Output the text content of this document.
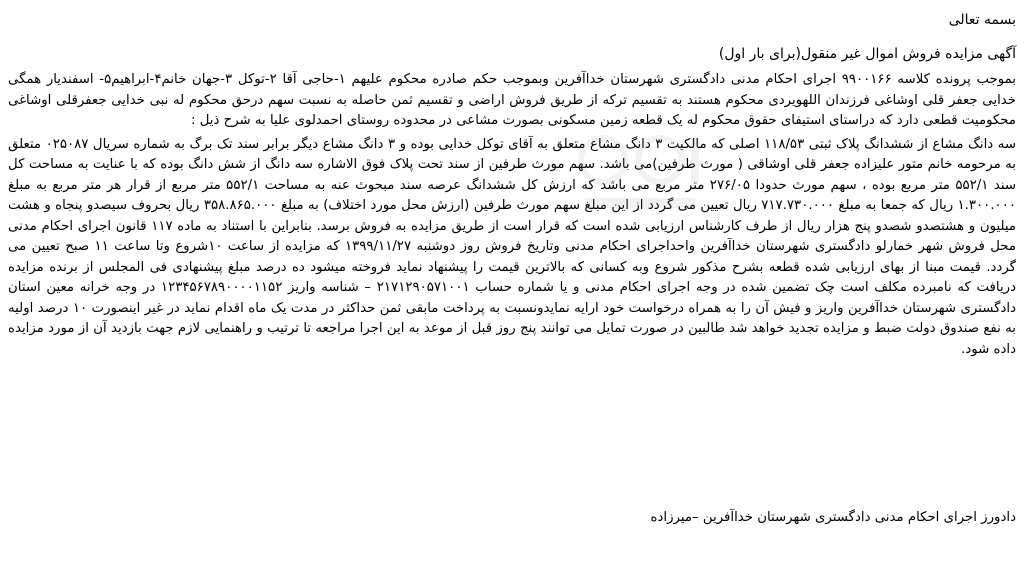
بسمه تعالی
آگهی مزایده فروش اموال غیر منقول(برای بار اول)

بموجب پرونده کلاسه ۹۹۰۰۱۶۶ اجرای احکام مدنی دادگستری شهرستان خداآفرین وبموجب حکم صادره محکوم علیهم ۱-حاجی آقا ۲-توکل ۳-جهان خانم۴-ابراهیم۵- اسفندیار همگی خدایی جعفر قلی اوشاغی فرزندان اللهویردی محکوم هستند به تقسیم ترکه از طریق فروش اراضی و تقسیم ثمن حاصله به نسبت سهم درحق محکوم له نبی خدایی جعفرقلی اوشاغی محکومیت قطعی دارد که دراستای استیفای حقوق محکوم له یک قطعه زمین مسکونی بصورت مشاعی در محدوده روستای احمدلوی علیا به شرح ذیل :

سه دانگ مشاع از ششدانگ پلاک ثبتی ۱۱۸/۵۳ اصلی که مالکیت ۳ دانگ مشاع متعلق به آقای توکل خدایی بوده و ۳ دانگ مشاع دیگر برابر سند تک برگ به شماره سریال ۰۲۵۰۸۷ متعلق به مرحومه خانم متور علیزاده جعفر قلی اوشاقی ( مورث طرفین)می باشد. سهم مورث طرفین از سند تحت پلاک فوق الاشاره سه دانگ از شش دانگ بوده که با عنایت به مساحت کل سند ۵۵۲/۱ متر مربع بوده ، سهم مورث حدودا ۲۷۶/۰۵ متر مربع می باشد که ارزش کل ششدانگ عرصه سند مبحوث عنه به مساحت ۵۵۲/۱ متر مربع از قرار هر متر مربع به مبلغ ۱.۳۰۰.۰۰۰ ریال که جمعا به مبلغ ۷۱۷.۷۳۰.۰۰۰ ریال تعیین می گردد از این مبلغ سهم مورث طرفین (ارزش محل مورد اختلاف) به مبلغ ۳۵۸.۸۶۵.۰۰۰ ریال بحروف سیصدو پنجاه و هشت میلیون و هشتصدو شصدو پنج هزار ریال از طرف کارشناس ارزیابی شده است که قرار است از طریق مزایده به فروش برسد. بنابراین با استناد به ماده ۱۱۷ قانون اجرای احکام مدنی محل فروش شهر خمارلو دادگستری شهرستان خداآفرین واحداجرای احکام مدنی وتاریخ فروش روز دوشنبه ۱۳۹۹/۱۱/۲۷ که مزایده از ساعت ۱۰شروع وتا ساعت ۱۱ صبح تعیین می گردد. قیمت مبنا از بهای ارزیابی شده قطعه بشرح مذکور شروع وبه کسانی که بالاترین قیمت را پیشنهاد نماید فروخته میشود ده درصد مبلغ پیشنهادی فی المجلس از برنده مزایده دریافت که نامبرده مکلف است چک تضمین شده در وجه اجرای احکام مدنی و یا شماره حساب ۲۱۷۱۲۹۰۵۷۱۰۰۱ – شناسه واریز ۱۲۳۴۵۶۷۸۹۰۰۰۰۱۱۵۲ در وجه خرانه معین استان دادگستری شهرستان خداآفرین واریز و فیش آن را به همراه درخواست خود ارایه نمایدونسبت به پرداخت مابقی ثمن حداکثر در مدت یک ماه اقدام نماید در غیر اینصورت ۱۰ درصد اولیه به نفع صندوق دولت ضبط و مزایده تجدید خواهد شد طالبین در صورت تمایل می توانند پنج روز قبل از موعد به این اجرا مراجعه تا ترتیب و راهنمایی لازم جهت بازدید آن از مورد مزایده داده شود.

دادورز اجرای احکام مدنی دادگستری شهرستان خداآفرین –میرزاده
